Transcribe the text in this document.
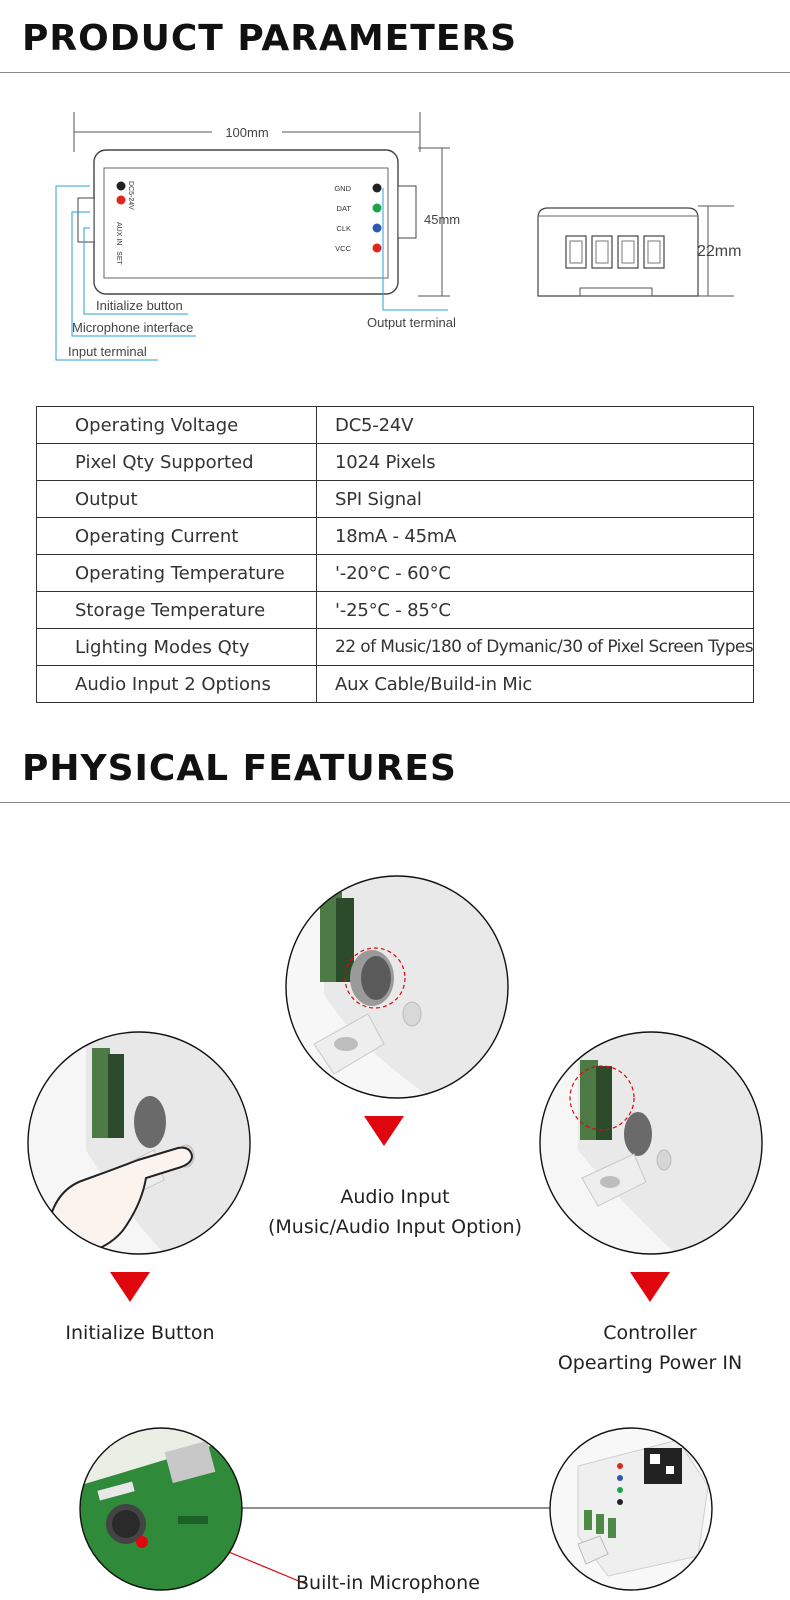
PRODUCT PARAMETERS
100mm
45mm
DC5-24V
AUX IN   SET
GND
DAT
CLK
VCC
Initialize button
Microphone interface
Input terminal
Output terminal
22mm
Operating Voltage	DC5-24V
Pixel Qty Supported	1024 Pixels
Output	SPI Signal
Operating Current	18mA - 45mA
Operating Temperature	'-20°C - 60°C
Storage Temperature	'-25°C - 85°C
Lighting Modes Qty	22 of Music/180 of Dymanic/30 of Pixel Screen Types
Audio Input 2 Options	Aux Cable/Build-in Mic
PHYSICAL FEATURES
Audio Input
(Music/Audio Input Option)
Initialize Button	Controller
Opearting Power IN
Built-in Microphone
